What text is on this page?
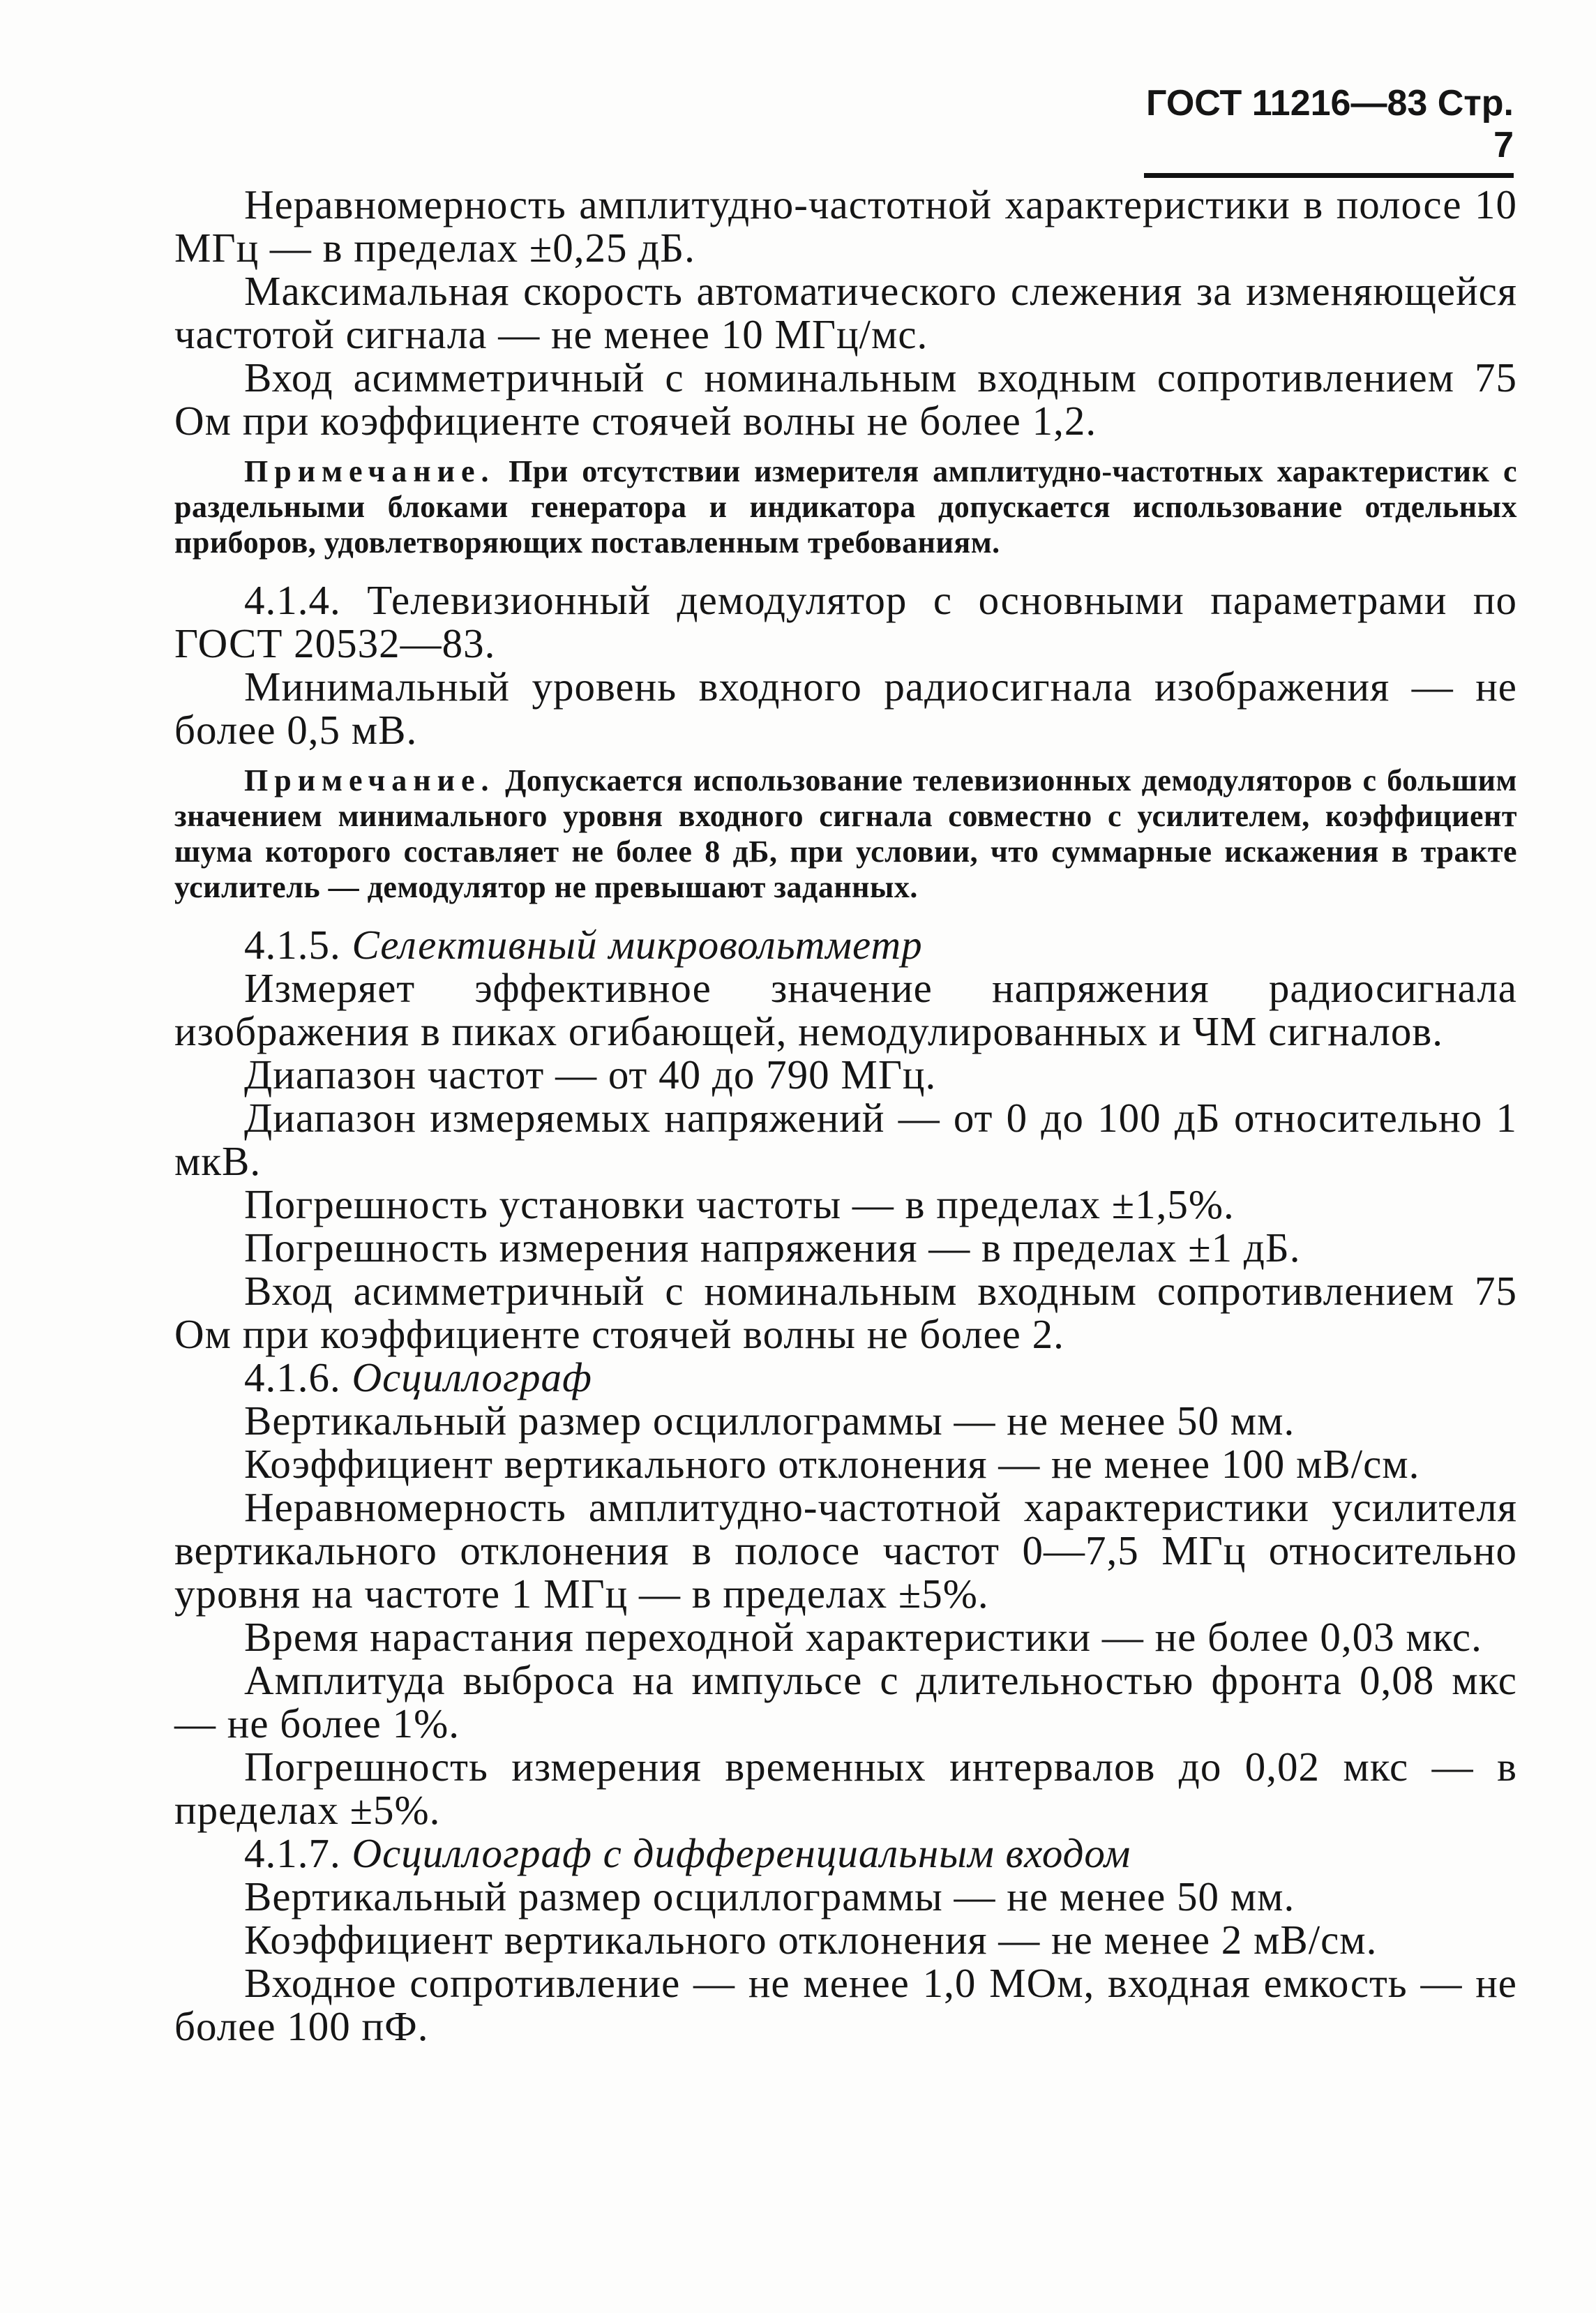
ГОСТ 11216—83 Стр. 7

Неравномерность амплитудно-частотной характеристики в полосе 10 МГц — в пределах ±0,25 дБ.

Максимальная скорость автоматического слежения за изменяющейся частотой сигнала — не менее 10 МГц/мс.

Вход асимметричный с номинальным входным сопротивлением 75 Ом при коэффициенте стоячей волны не более 1,2.

Примечание. При отсутствии измерителя амплитудно-частотных характеристик с раздельными блоками генератора и индикатора допускается использование отдельных приборов, удовлетворяющих поставленным требованиям.

4.1.4. Телевизионный демодулятор с основными параметрами по ГОСТ 20532—83.

Минимальный уровень входного радиосигнала изображения — не более 0,5 мВ.

Примечание. Допускается использование телевизионных демодуляторов с большим значением минимального уровня входного сигнала совместно с усилителем, коэффициент шума которого составляет не более 8 дБ, при условии, что суммарные искажения в тракте усилитель — демодулятор не превышают заданных.

4.1.5. Селективный микровольтметр

Измеряет эффективное значение напряжения радиосигнала изображения в пиках огибающей, немодулированных и ЧМ сигналов.

Диапазон частот — от 40 до 790 МГц.

Диапазон измеряемых напряжений — от 0 до 100 дБ относительно 1 мкВ.

Погрешность установки частоты — в пределах ±1,5%.

Погрешность измерения напряжения — в пределах ±1 дБ.

Вход асимметричный с номинальным входным сопротивлением 75 Ом при коэффициенте стоячей волны не более 2.

4.1.6. Осциллограф

Вертикальный размер осциллограммы — не менее 50 мм.

Коэффициент вертикального отклонения — не менее 100 мВ/см.

Неравномерность амплитудно-частотной характеристики усилителя вертикального отклонения в полосе частот 0—7,5 МГц относительно уровня на частоте 1 МГц — в пределах ±5%.

Время нарастания переходной характеристики — не более 0,03 мкс.

Амплитуда выброса на импульсе с длительностью фронта 0,08 мкс — не более 1%.

Погрешность измерения временных интервалов до 0,02 мкс — в пределах ±5%.

4.1.7. Осциллограф с дифференциальным входом

Вертикальный размер осциллограммы — не менее 50 мм.

Коэффициент вертикального отклонения — не менее 2 мВ/см.

Входное сопротивление — не менее 1,0 МОм, входная емкость — не более 100 пФ.
